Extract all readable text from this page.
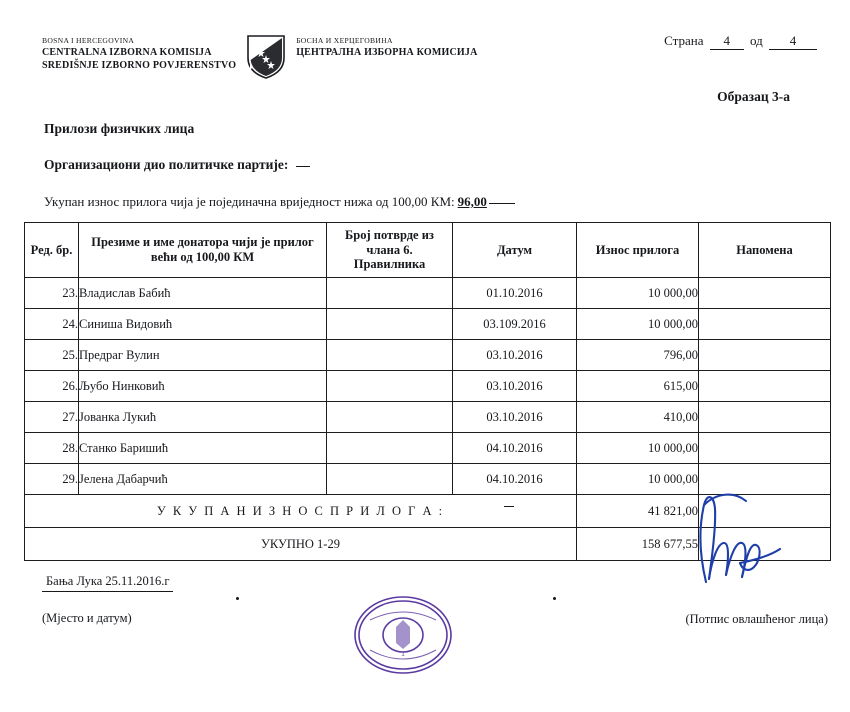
BOSNA I HERCEGOVINA
CENTRALNA IZBORNA KOMISIJA
SREDIŠNJE IZBORNO POVJERENSTVO
БОСНА И ХЕРЦЕГОВИНА
ЦЕНТРАЛНА ИЗБОРНА КОМИСИЈА
Страна 4 од 4
Образац 3-а
Прилози физичких лица
Организациони дио политичке партије:
Укупан износ прилога чија је појединачна вриједност нижа од 100,00 КМ: 96,00
Ред. бр.	Презиме и име донатора чији је прилог већи од 100,00 КМ	Број потврде из члана 6. Правилника	Датум	Износ прилога	Напомена
23.	Владислав Бабић		01.10.2016	10 000,00	
24.	Синиша Видовић		03.109.2016	10 000,00	
25.	Предраг Вулин		03.10.2016	796,00	
26.	Љубо Нинковић		03.10.2016	615,00	
27.	Јованка Лукић		03.10.2016	410,00	
28.	Станко Баришић		04.10.2016	10 000,00	
29.	Јелена Дабарчић		04.10.2016	10 000,00	
У К У П А Н И З Н О С П Р И Л О Г А :				41 821,00	
УКУПНО 1-29				158 677,55	
1
Бања Лука 25.11.2016.г
(Мјесто и датум)	(Потпис овлашћеног лица)
